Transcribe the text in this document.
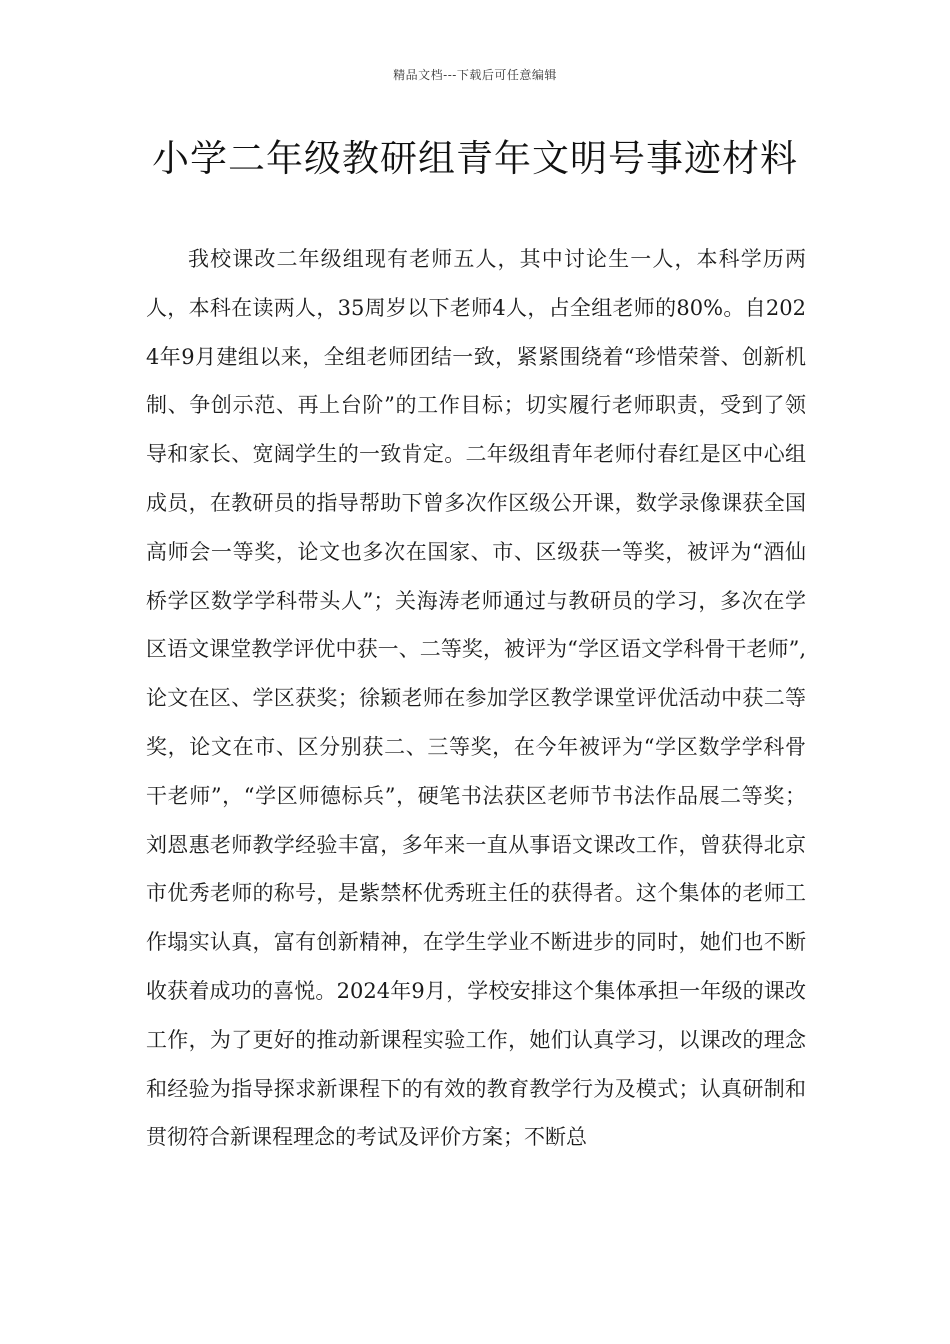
精品文档---下载后可任意编辑
小学二年级教研组青年文明号事迹材料

我校课改二年级组现有老师五人，其中讨论生一人，本科学历两人，本科在读两人，35周岁以下老师4人，占全组老师的80%。自2024年9月建组以来，全组老师团结一致，紧紧围绕着“珍惜荣誉、创新机制、争创示范、再上台阶”的工作目标；切实履行老师职责，受到了领导和家长、宽阔学生的一致肯定。二年级组青年老师付春红是区中心组成员，在教研员的指导帮助下曾多次作区级公开课，数学录像课获全国高师会一等奖，论文也多次在国家、市、区级获一等奖，被评为“酒仙桥学区数学学科带头人”；关海涛老师通过与教研员的学习，多次在学区语文课堂教学评优中获一、二等奖，被评为“学区语文学科骨干老师”,论文在区、学区获奖；徐颖老师在参加学区教学课堂评优活动中获二等奖，论文在市、区分别获二、三等奖，在今年被评为“学区数学学科骨干老师”，“学区师德标兵”，硬笔书法获区老师节书法作品展二等奖；刘恩惠老师教学经验丰富，多年来一直从事语文课改工作，曾获得北京市优秀老师的称号，是紫禁杯优秀班主任的获得者。这个集体的老师工作塌实认真，富有创新精神，在学生学业不断进步的同时，她们也不断收获着成功的喜悦。2024年9月，学校安排这个集体承担一年级的课改工作，为了更好的推动新课程实验工作，她们认真学习，以课改的理念和经验为指导探求新课程下的有效的教育教学行为及模式；认真研制和贯彻符合新课程理念的考试及评价方案；不断总
